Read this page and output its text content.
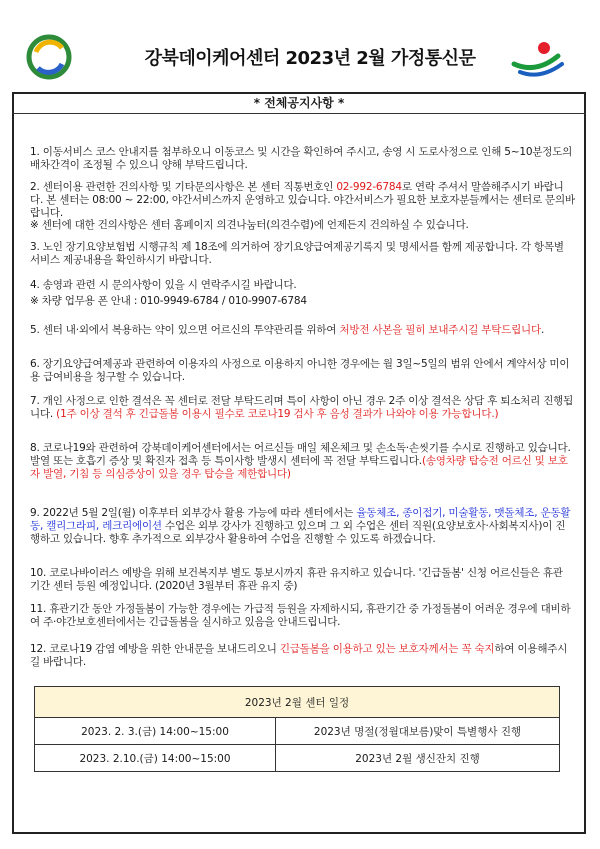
강북데이케어센터 2023년 2월 가정통신문
* 전체공지사항 *
1. 이동서비스 코스 안내지를 첨부하오니 이동코스 및 시간을 확인하여 주시고, 송영 시 도로사정으로 인해 5~10분정도의 배차간격이 조정될 수 있으니 양해 부탁드립니다.
2. 센터이용 관련한 건의사항 및 기타문의사항은 본 센터 직통번호인 02-992-6784로 연락 주셔서 말씀해주시기 바랍니다. 본 센터는 08:00 ~ 22:00, 야간서비스까지 운영하고 있습니다. 야간서비스가 필요한 보호자분들께서는 센터로 문의바랍니다.
※ 센터에 대한 건의사항은 센터 홈페이지 의견나눔터(의견수렴)에 언제든지 건의하실 수 있습니다.
3. 노인 장기요양보험법 시행규칙 제 18조에 의거하여 장기요양급여제공기록지 및 명세서를 함께 제공합니다. 각 항목별 서비스 제공내용을 확인하시기 바랍니다.
4. 송영과 관련 시 문의사항이 있을 시 연락주시길 바랍니다.
※ 차량 업무용 폰 안내 : 010-9949-6784 / 010-9907-6784
5. 센터 내·외에서 복용하는 약이 있으면 어르신의 투약관리를 위하여 처방전 사본을 필히 보내주시길 부탁드립니다.
6. 장기요양급여제공과 관련하여 이용자의 사정으로 이용하지 아니한 경우에는 월 3일~5일의 범위 안에서 계약서상 미이용 급여비용을 청구할 수 있습니다.
7. 개인 사정으로 인한 결석은 꼭 센터로 전달 부탁드리며 특이 사항이 아닌 경우 2주 이상 결석은 상담 후 퇴소처리 진행됩니다. (1주 이상 결석 후 긴급돌봄 이용시 필수로 코로나19 검사 후 음성 결과가 나와야 이용 가능합니다.)
8. 코로나19와 관련하여 강북데이케어센터에서는 어르신들 매일 체온체크 및 손소독·손씻기를 수시로 진행하고 있습니다. 발열 또는 호흡기 증상 및 확진자 접촉 등 특이사항 발생시 센터에 꼭 전달 부탁드립니다.(송영차량 탑승전 어르신 및 보호자 발열, 기침 등 의심증상이 있을 경우 탑승을 제한합니다)
9. 2022년 5월 2일(월) 이후부터 외부강사 활용 가능에 따라 센터에서는 율동체조, 종이접기, 미술활동, 맷돌체조, 운동활동, 캘리그라피, 레크리에이션 수업은 외부 강사가 진행하고 있으며 그 외 수업은 센터 직원(요양보호사·사회복지사)이 진행하고 있습니다. 향후 추가적으로 외부강사 활용하여 수업을 진행할 수 있도록 하겠습니다.
10. 코로나바이러스 예방을 위해 보건복지부 별도 통보시까지 휴관 유지하고 있습니다. '긴급돌봄' 신청 어르신들은 휴관 기간 센터 등원 예정입니다. (2020년 3월부터 휴관 유지 중)
11. 휴관기간 동안 가정돌봄이 가능한 경우에는 가급적 등원을 자제하시되, 휴관기간 중 가정돌봄이 어려운 경우에 대비하여 주·야간보호센터에서는 긴급돌봄을 실시하고 있음을 안내드립니다.
12. 코로나19 감염 예방을 위한 안내문을 보내드리오니 긴급돌봄을 이용하고 있는 보호자께서는 꼭 숙지하여 이용해주시길 바랍니다.
2023년 2월 센터 일정	
2023. 2. 3.(금) 14:00~15:00	2023년 명절(정월대보름)맞이 특별행사 진행
2023. 2.10.(금) 14:00~15:00	2023년 2월 생신잔치 진행
